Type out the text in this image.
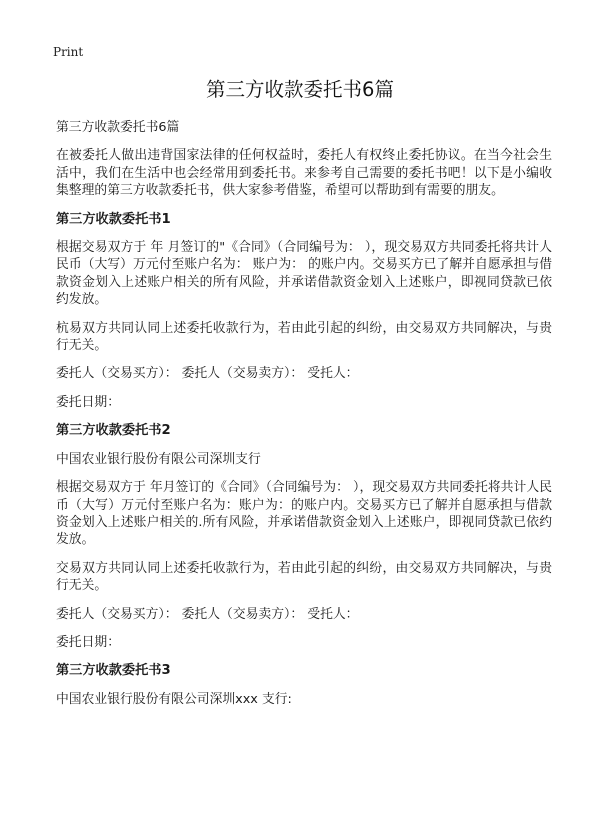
Print
第三方收款委托书6篇

第三方收款委托书6篇

在被委托人做出违背国家法律的任何权益时，委托人有权终止委托协议。在当今社会生活中，我们在生活中也会经常用到委托书。来参考自己需要的委托书吧！以下是小编收集整理的第三方收款委托书，供大家参考借鉴，希望可以帮助到有需要的朋友。

第三方收款委托书1

根据交易双方于 年 月签订的"《合同》（合同编号为： ），现交易双方共同委托将共计人民币（大写）万元付至账户名为： 账户为： 的账户内。交易买方已了解并自愿承担与借款资金划入上述账户相关的所有风险，并承诺借款资金划入上述账户，即视同贷款已依约发放。

杭易双方共同认同上述委托收款行为，若由此引起的纠纷，由交易双方共同解决，与贵行无关。

委托人（交易买方）： 委托人（交易卖方）： 受托人：

委托日期：

第三方收款委托书2

中国农业银行股份有限公司深圳支行

根据交易双方于 年月签订的《合同》（合同编号为： ），现交易双方共同委托将共计人民币（大写）万元付至账户名为：账户为：的账户内。交易买方已了解并自愿承担与借款资金划入上述账户相关的.所有风险，并承诺借款资金划入上述账户，即视同贷款已依约发放。

交易双方共同认同上述委托收款行为，若由此引起的纠纷，由交易双方共同解决，与贵行无关。

委托人（交易买方）： 委托人（交易卖方）： 受托人：

委托日期：

第三方收款委托书3

中国农业银行股份有限公司深圳xxx 支行:
